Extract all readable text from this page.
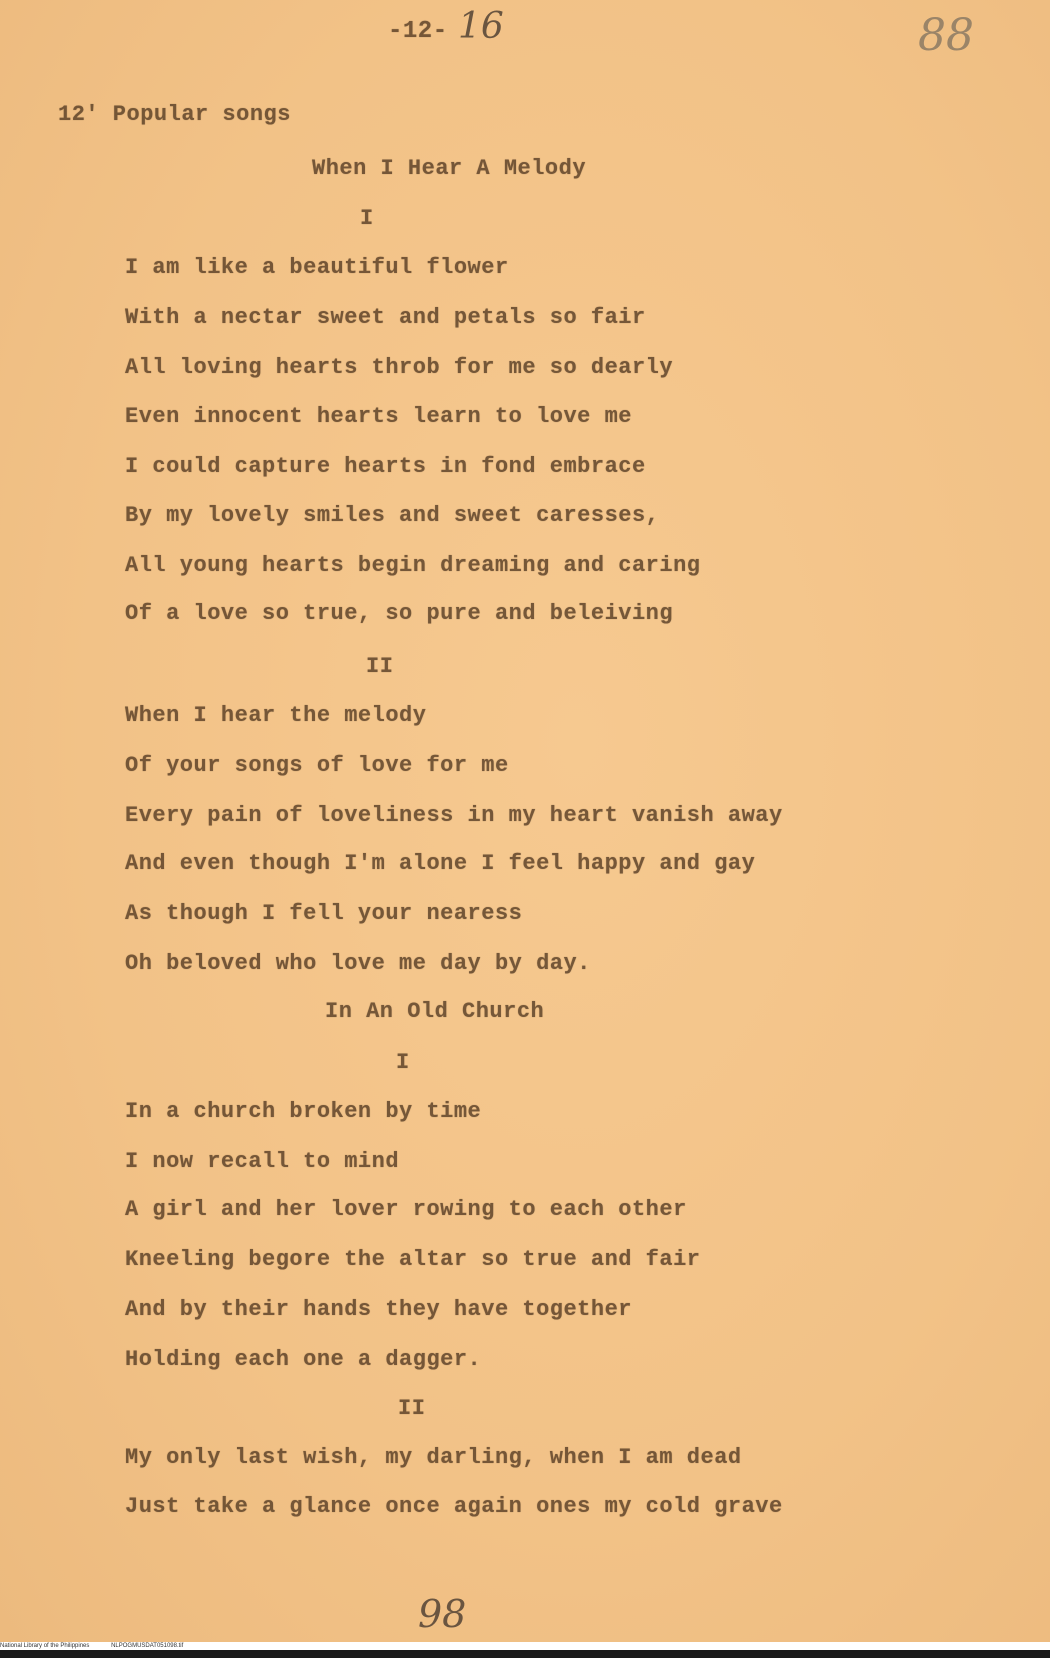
-12- 16	88
12' Popular songs
When I Hear A Melody
I
I am like a beautiful flower
With a nectar sweet and petals so fair
All loving hearts throb for me so dearly
Even innocent hearts learn to love me
I could capture hearts in fond embrace
By my lovely smiles and sweet caresses,
All young hearts begin dreaming and caring
Of a love so true, so pure and beleiving
II
When I hear the melody
Of your songs of love for me
Every pain of loveliness in my heart vanish away
And even though I'm alone I feel happy and gay
As though I fell your nearess
Oh beloved who love me day by day.
In An Old Church
I
In a church broken by time
I now recall to mind
A girl and her lover rowing to each other
Kneeling begore the altar so true and fair
And by their hands they have together
Holding each one a dagger.
II
My only last wish, my darling, when I am dead
Just take a glance once again ones my cold grave
98
National Library of the Philippines	NLPOGMUSDAT051098.tif
